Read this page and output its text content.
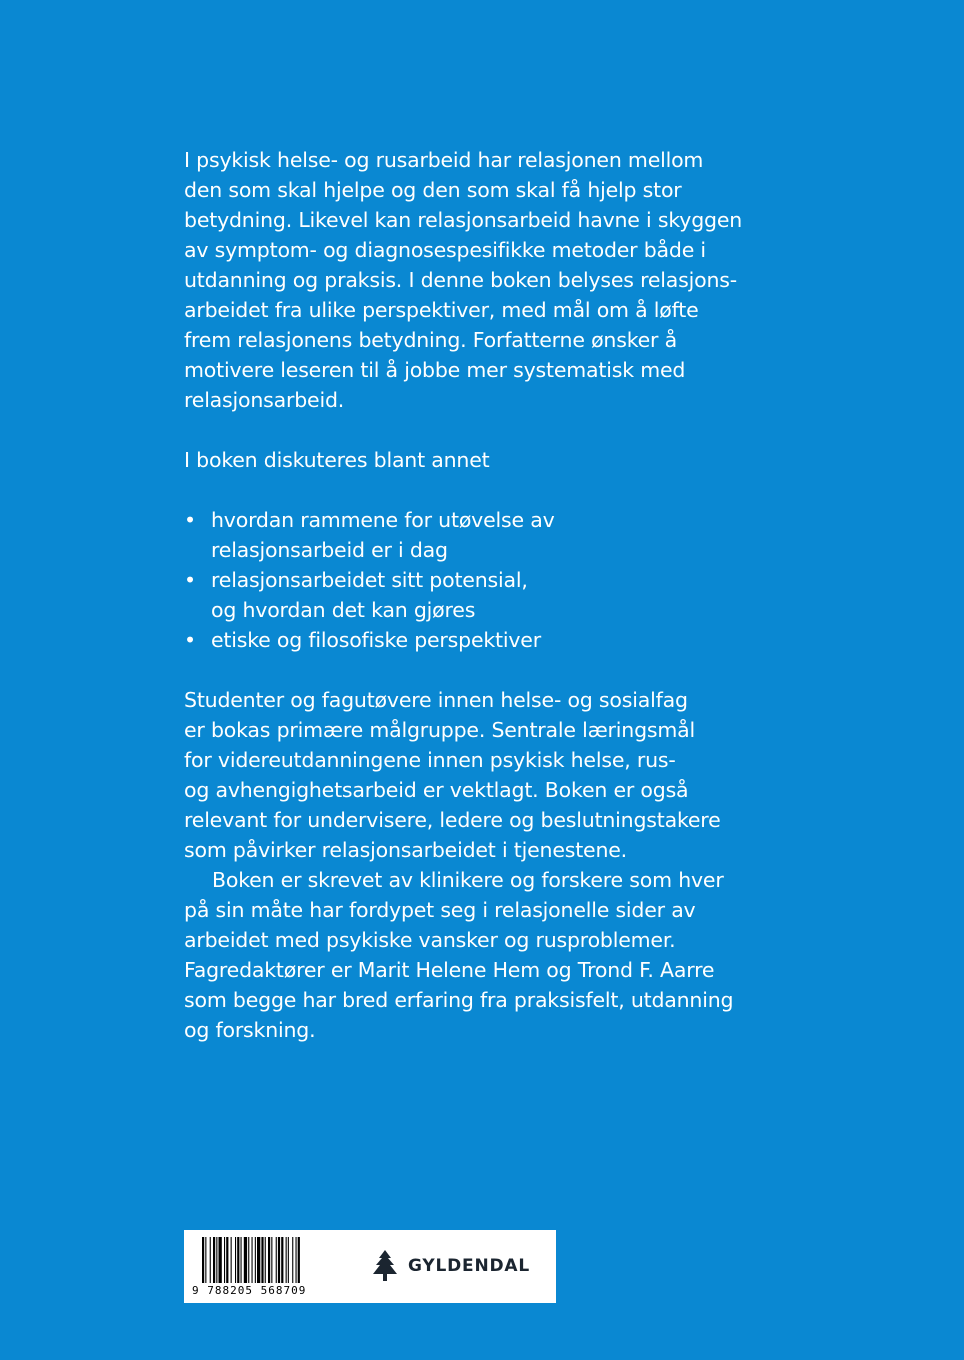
I psykisk helse- og rusarbeid har relasjonen mellom
den som skal hjelpe og den som skal få hjelp stor
betydning. Likevel kan relasjonsarbeid havne i skyggen
av symptom- og diagnosespesifikke metoder både i
utdanning og praksis. I denne boken belyses relasjons-
arbeidet fra ulike perspektiver, med mål om å løfte
frem relasjonens betydning. Forfatterne ønsker å
motivere leseren til å jobbe mer systematisk med
relasjonsarbeid.

I boken diskuteres blant annet

• hvordan rammene for utøvelse av
relasjonsarbeid er i dag
• relasjonsarbeidet sitt potensial,
og hvordan det kan gjøres
• etiske og filosofiske perspektiver

Studenter og fagutøvere innen helse- og sosialfag
er bokas primære målgruppe. Sentrale læringsmål
for videreutdanningene innen psykisk helse, rus-
og avhengighetsarbeid er vektlagt. Boken er også
relevant for undervisere, ledere og beslutningstakere
som påvirker relasjonsarbeidet i tjenestene.

Boken er skrevet av klinikere og forskere som hver
på sin måte har fordypet seg i relasjonelle sider av
arbeidet med psykiske vansker og rusproblemer.
Fagredaktører er Marit Helene Hem og Trond F. Aarre
som begge har bred erfaring fra praksisfelt, utdanning
og forskning.

9 788205 568709
GYLDENDAL
